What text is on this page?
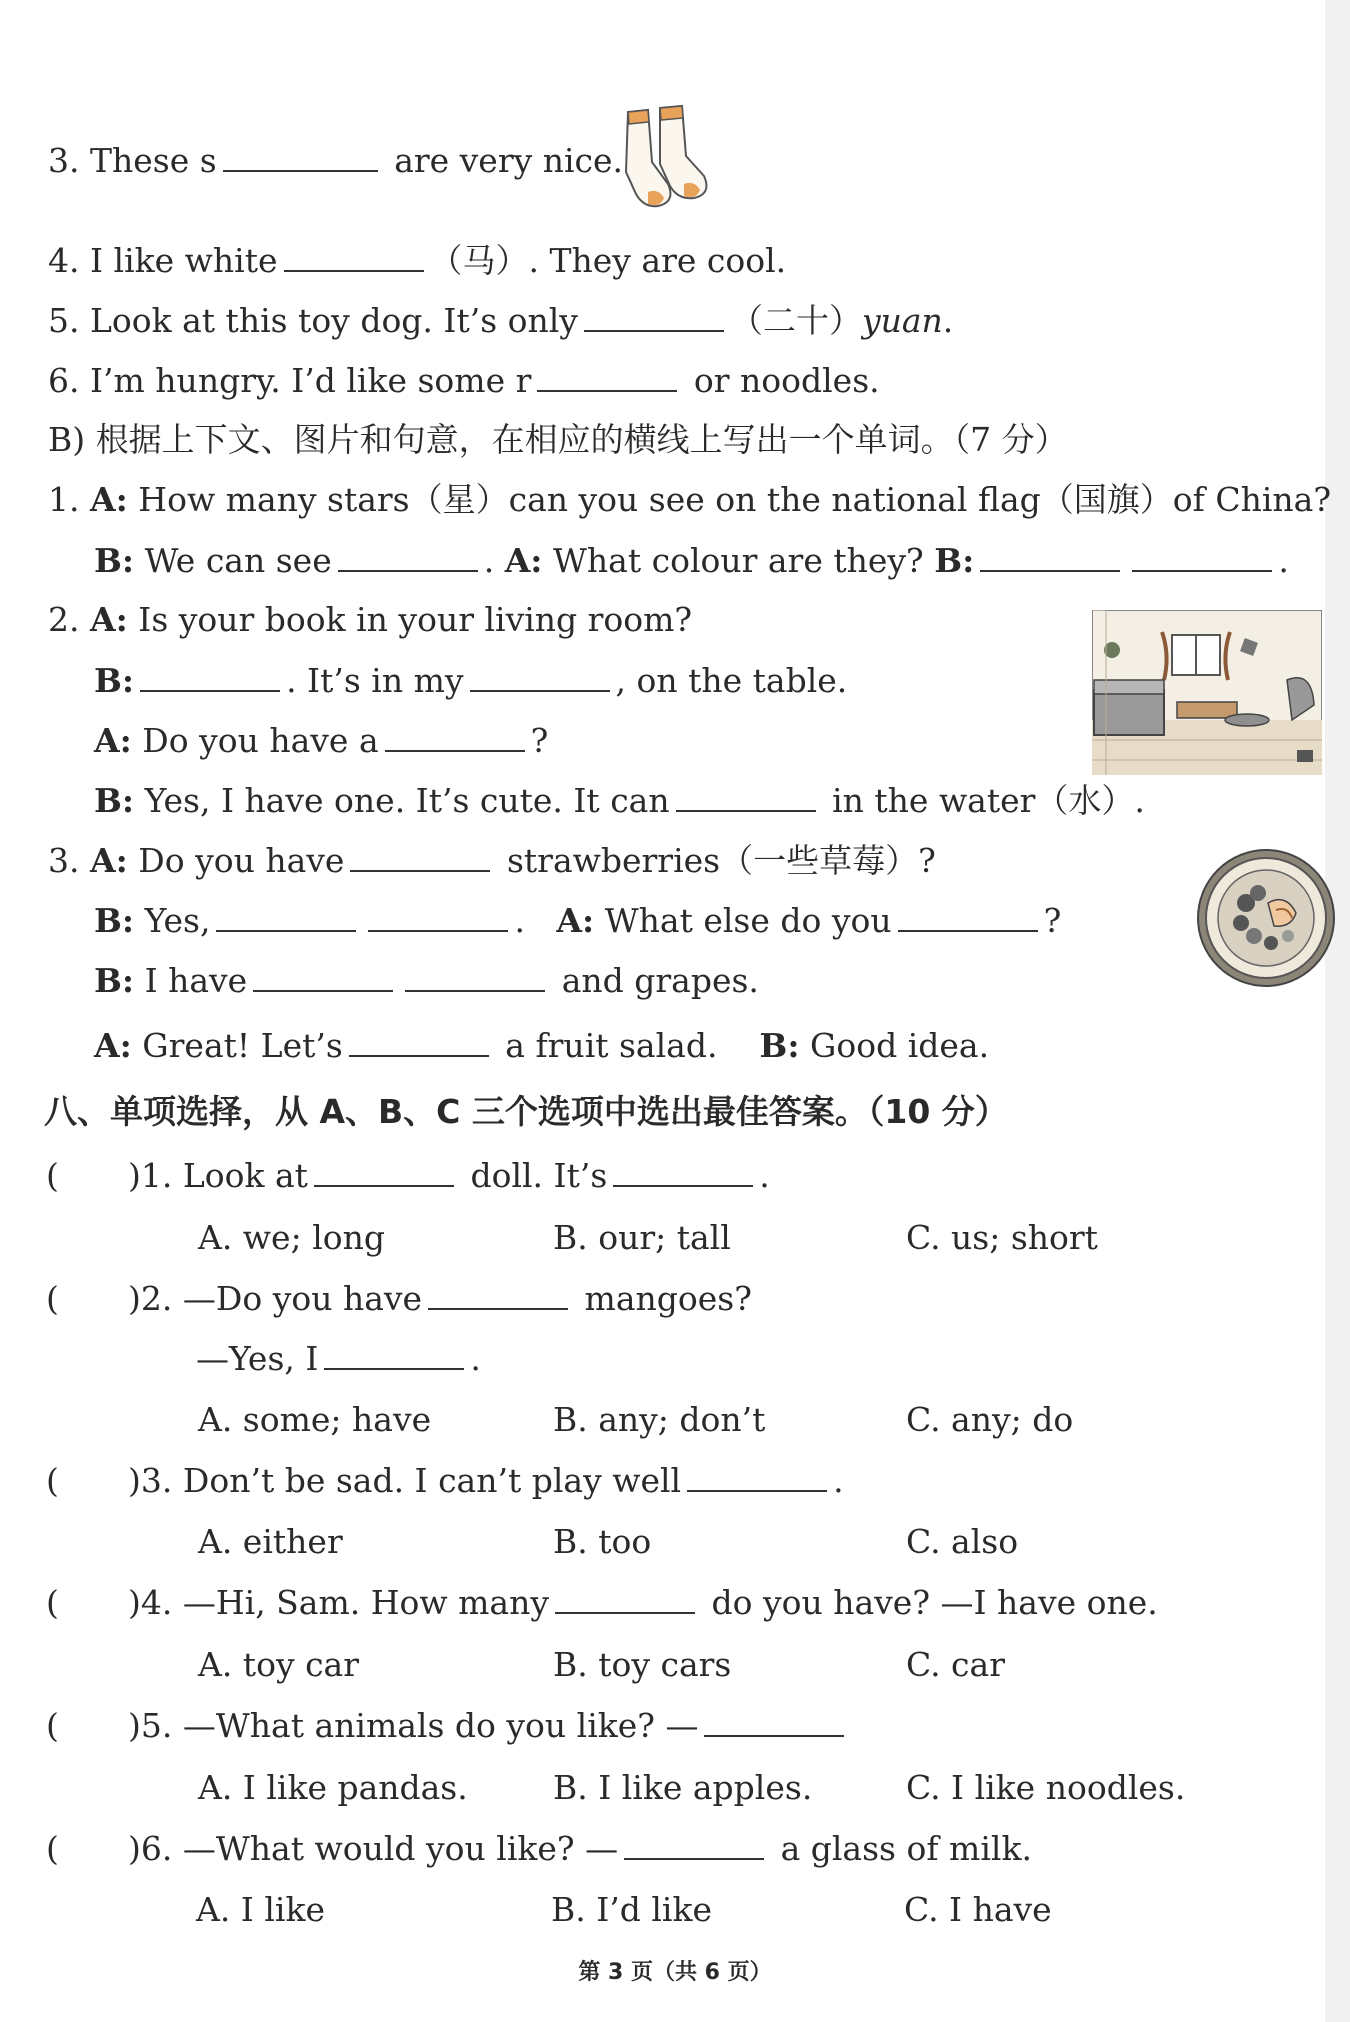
3. These s	are very nice.
4. I like white	（马）. They are cool.
5. Look at this toy dog. It’s only	（二十）yuan.
6. I’m hungry. I’d like some r	or noodles.
B) 根据上下文、图片和句意，在相应的横线上写出一个单词。（7 分）
1. A: How many stars（星）can you see on the national flag（国旗）of China?
B: We can see	. A: What colour are they? B:	.
2. A: Is your book in your living room?
B:	. It’s in my	, on the table.
A: Do you have a	?
B: Yes, I have one. It’s cute. It can	in the water（水）.
3. A: Do you have	strawberries（一些草莓）?
B: Yes,	.   A: What else do you	?
B: I have	and grapes.
A: Great! Let’s	a fruit salad. B: Good idea.
八、单项选择，从 A、B、C 三个选项中选出最佳答案。（10 分）
( )1. Look at	doll. It’s	.
A. we; long	B. our; tall	C. us; short
( )2. —Do you have	mangoes?
—Yes, I	.
A. some; have	B. any; don’t	C. any; do
( )3. Don’t be sad. I can’t play well	.
A. either	B. too	C. also
( )4. —Hi, Sam. How many	do you have? —I have one.
A. toy car	B. toy cars	C. car
( )5. —What animals do you like? —
A. I like pandas.	B. I like apples.	C. I like noodles.
( )6. —What would you like? —	a glass of milk.
A. I like	B. I’d like	C. I have
第 3 页（共 6 页）
